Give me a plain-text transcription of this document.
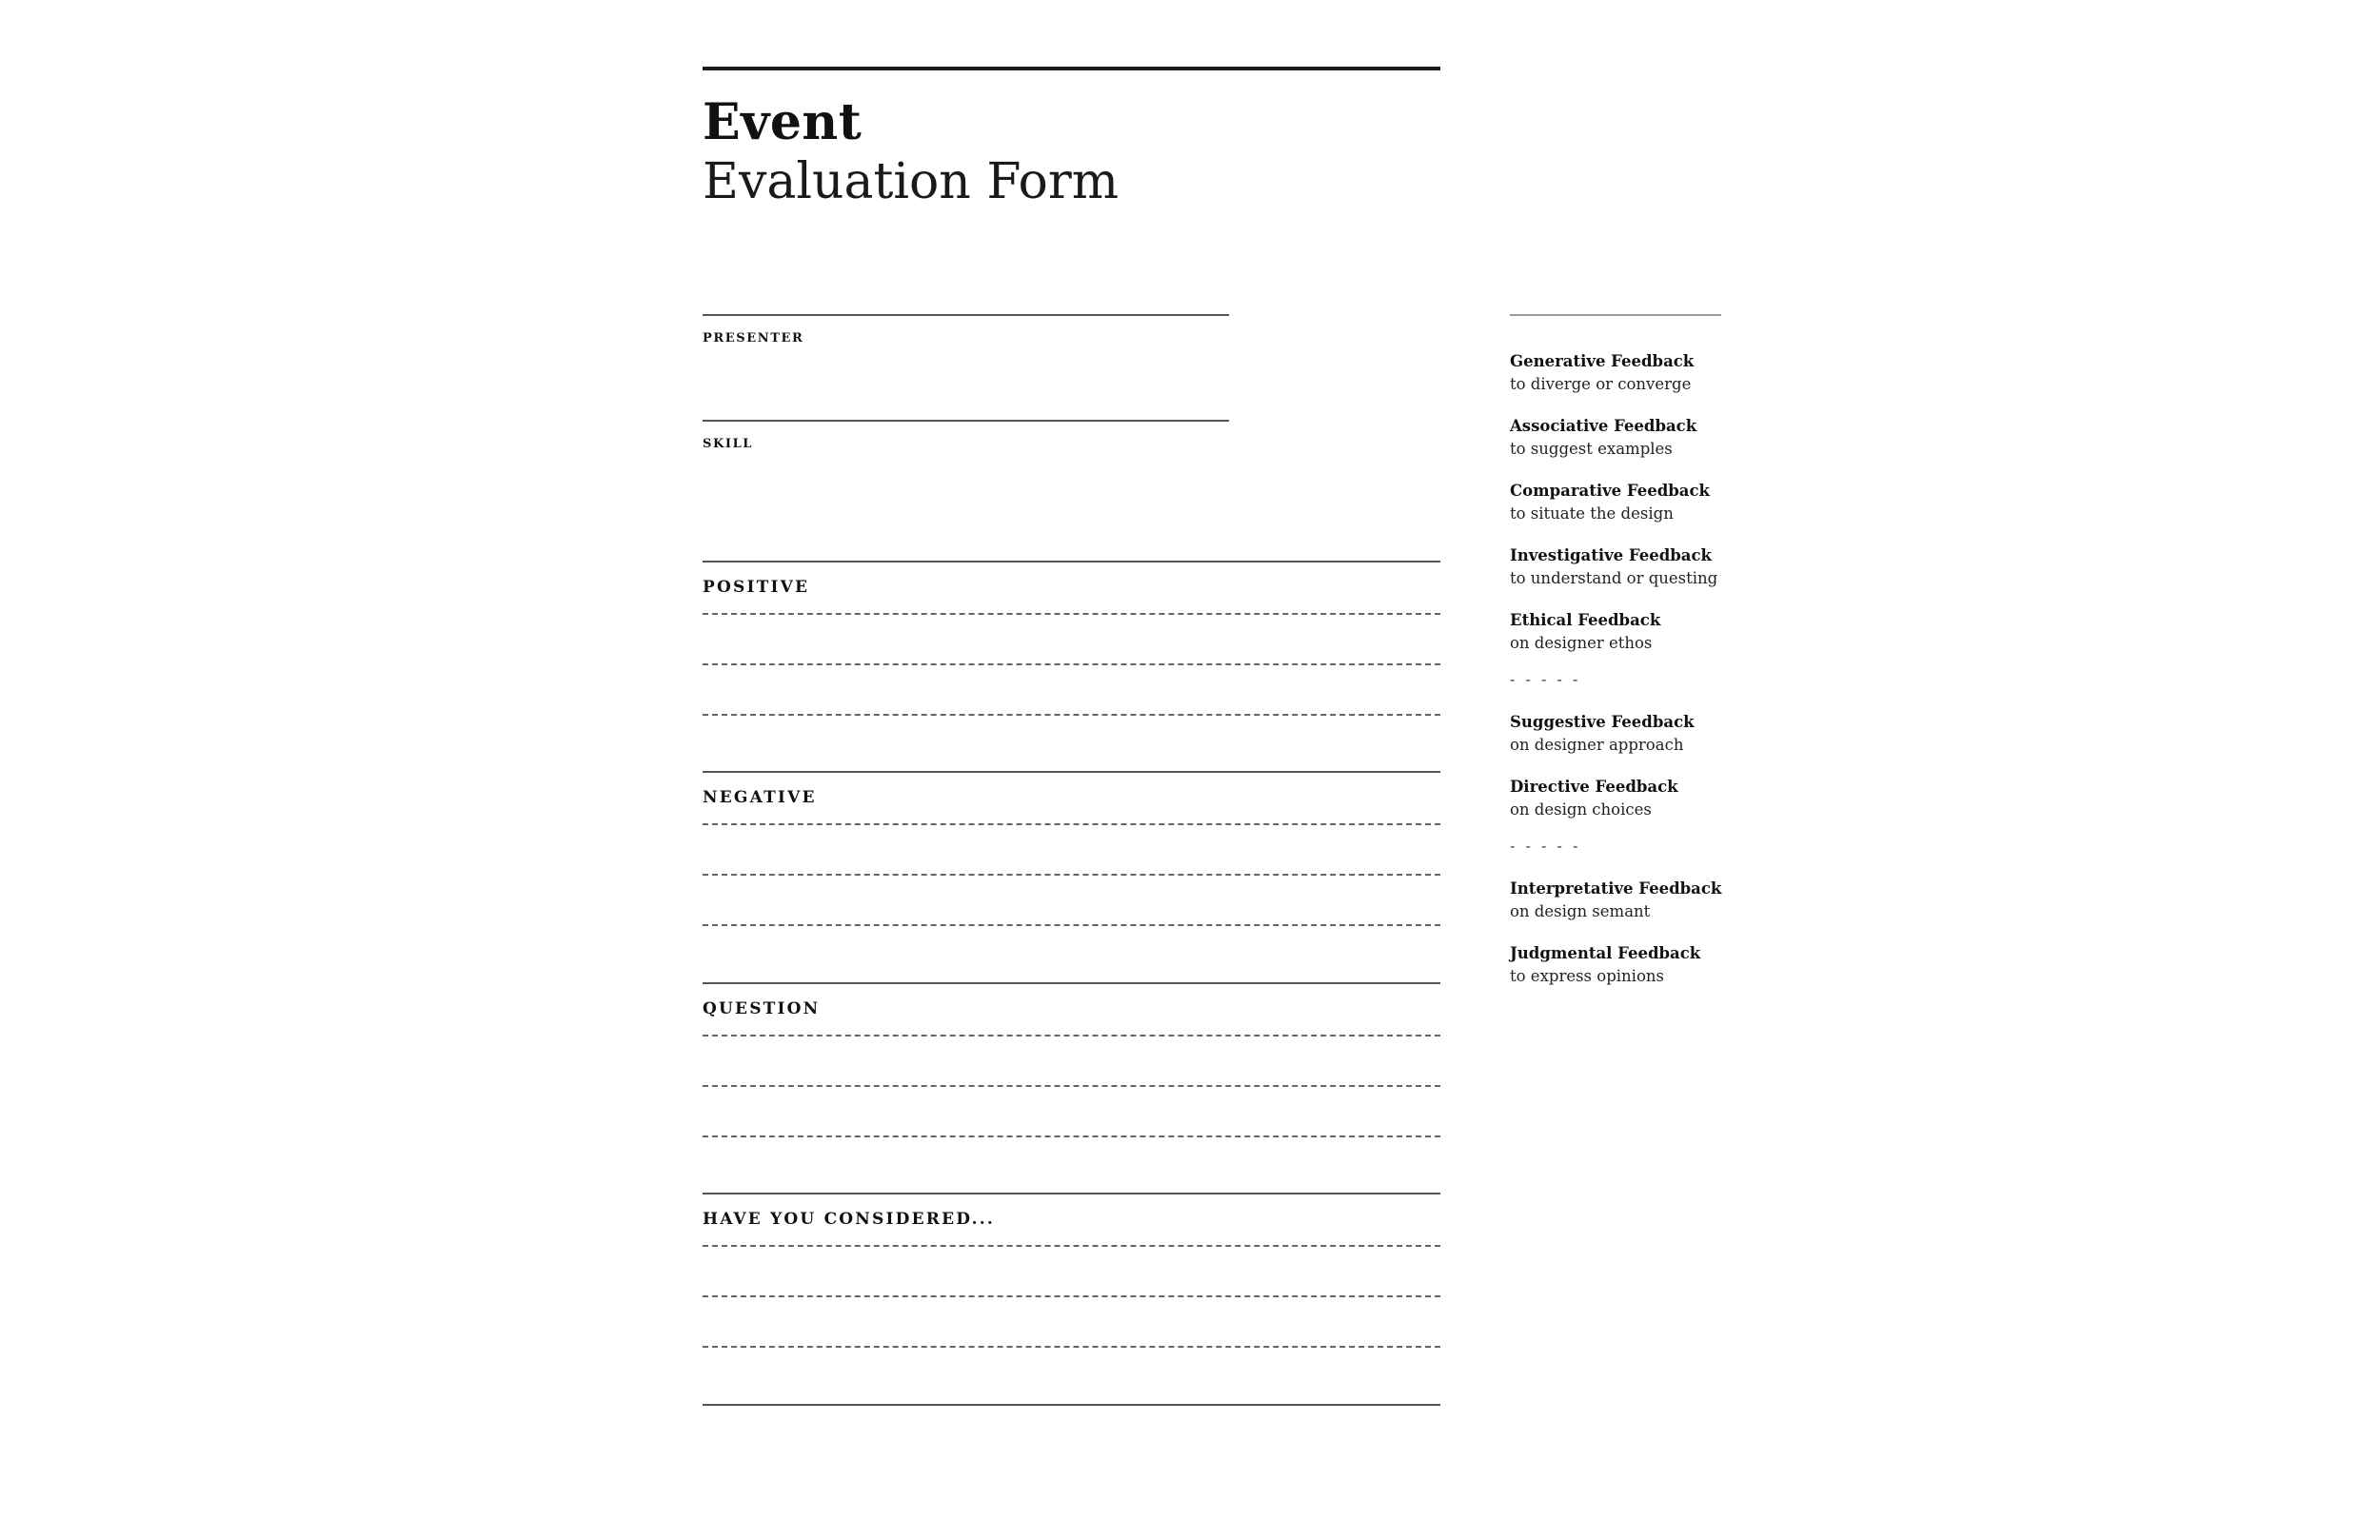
Event
Evaluation Form
PRESENTER
SKILL
POSITIVE
NEGATIVE
QUESTION
HAVE YOU CONSIDERED...
Generative Feedback
to diverge or converge
Associative Feedback
to suggest examples
Comparative Feedback
to situate the design
Investigative Feedback
to understand or questing
Ethical Feedback
on designer ethos
- - - - -
Suggestive Feedback
on designer approach
Directive Feedback
on design choices
- - - - -
Interpretative Feedback
on design semant
Judgmental Feedback
to express opinions
